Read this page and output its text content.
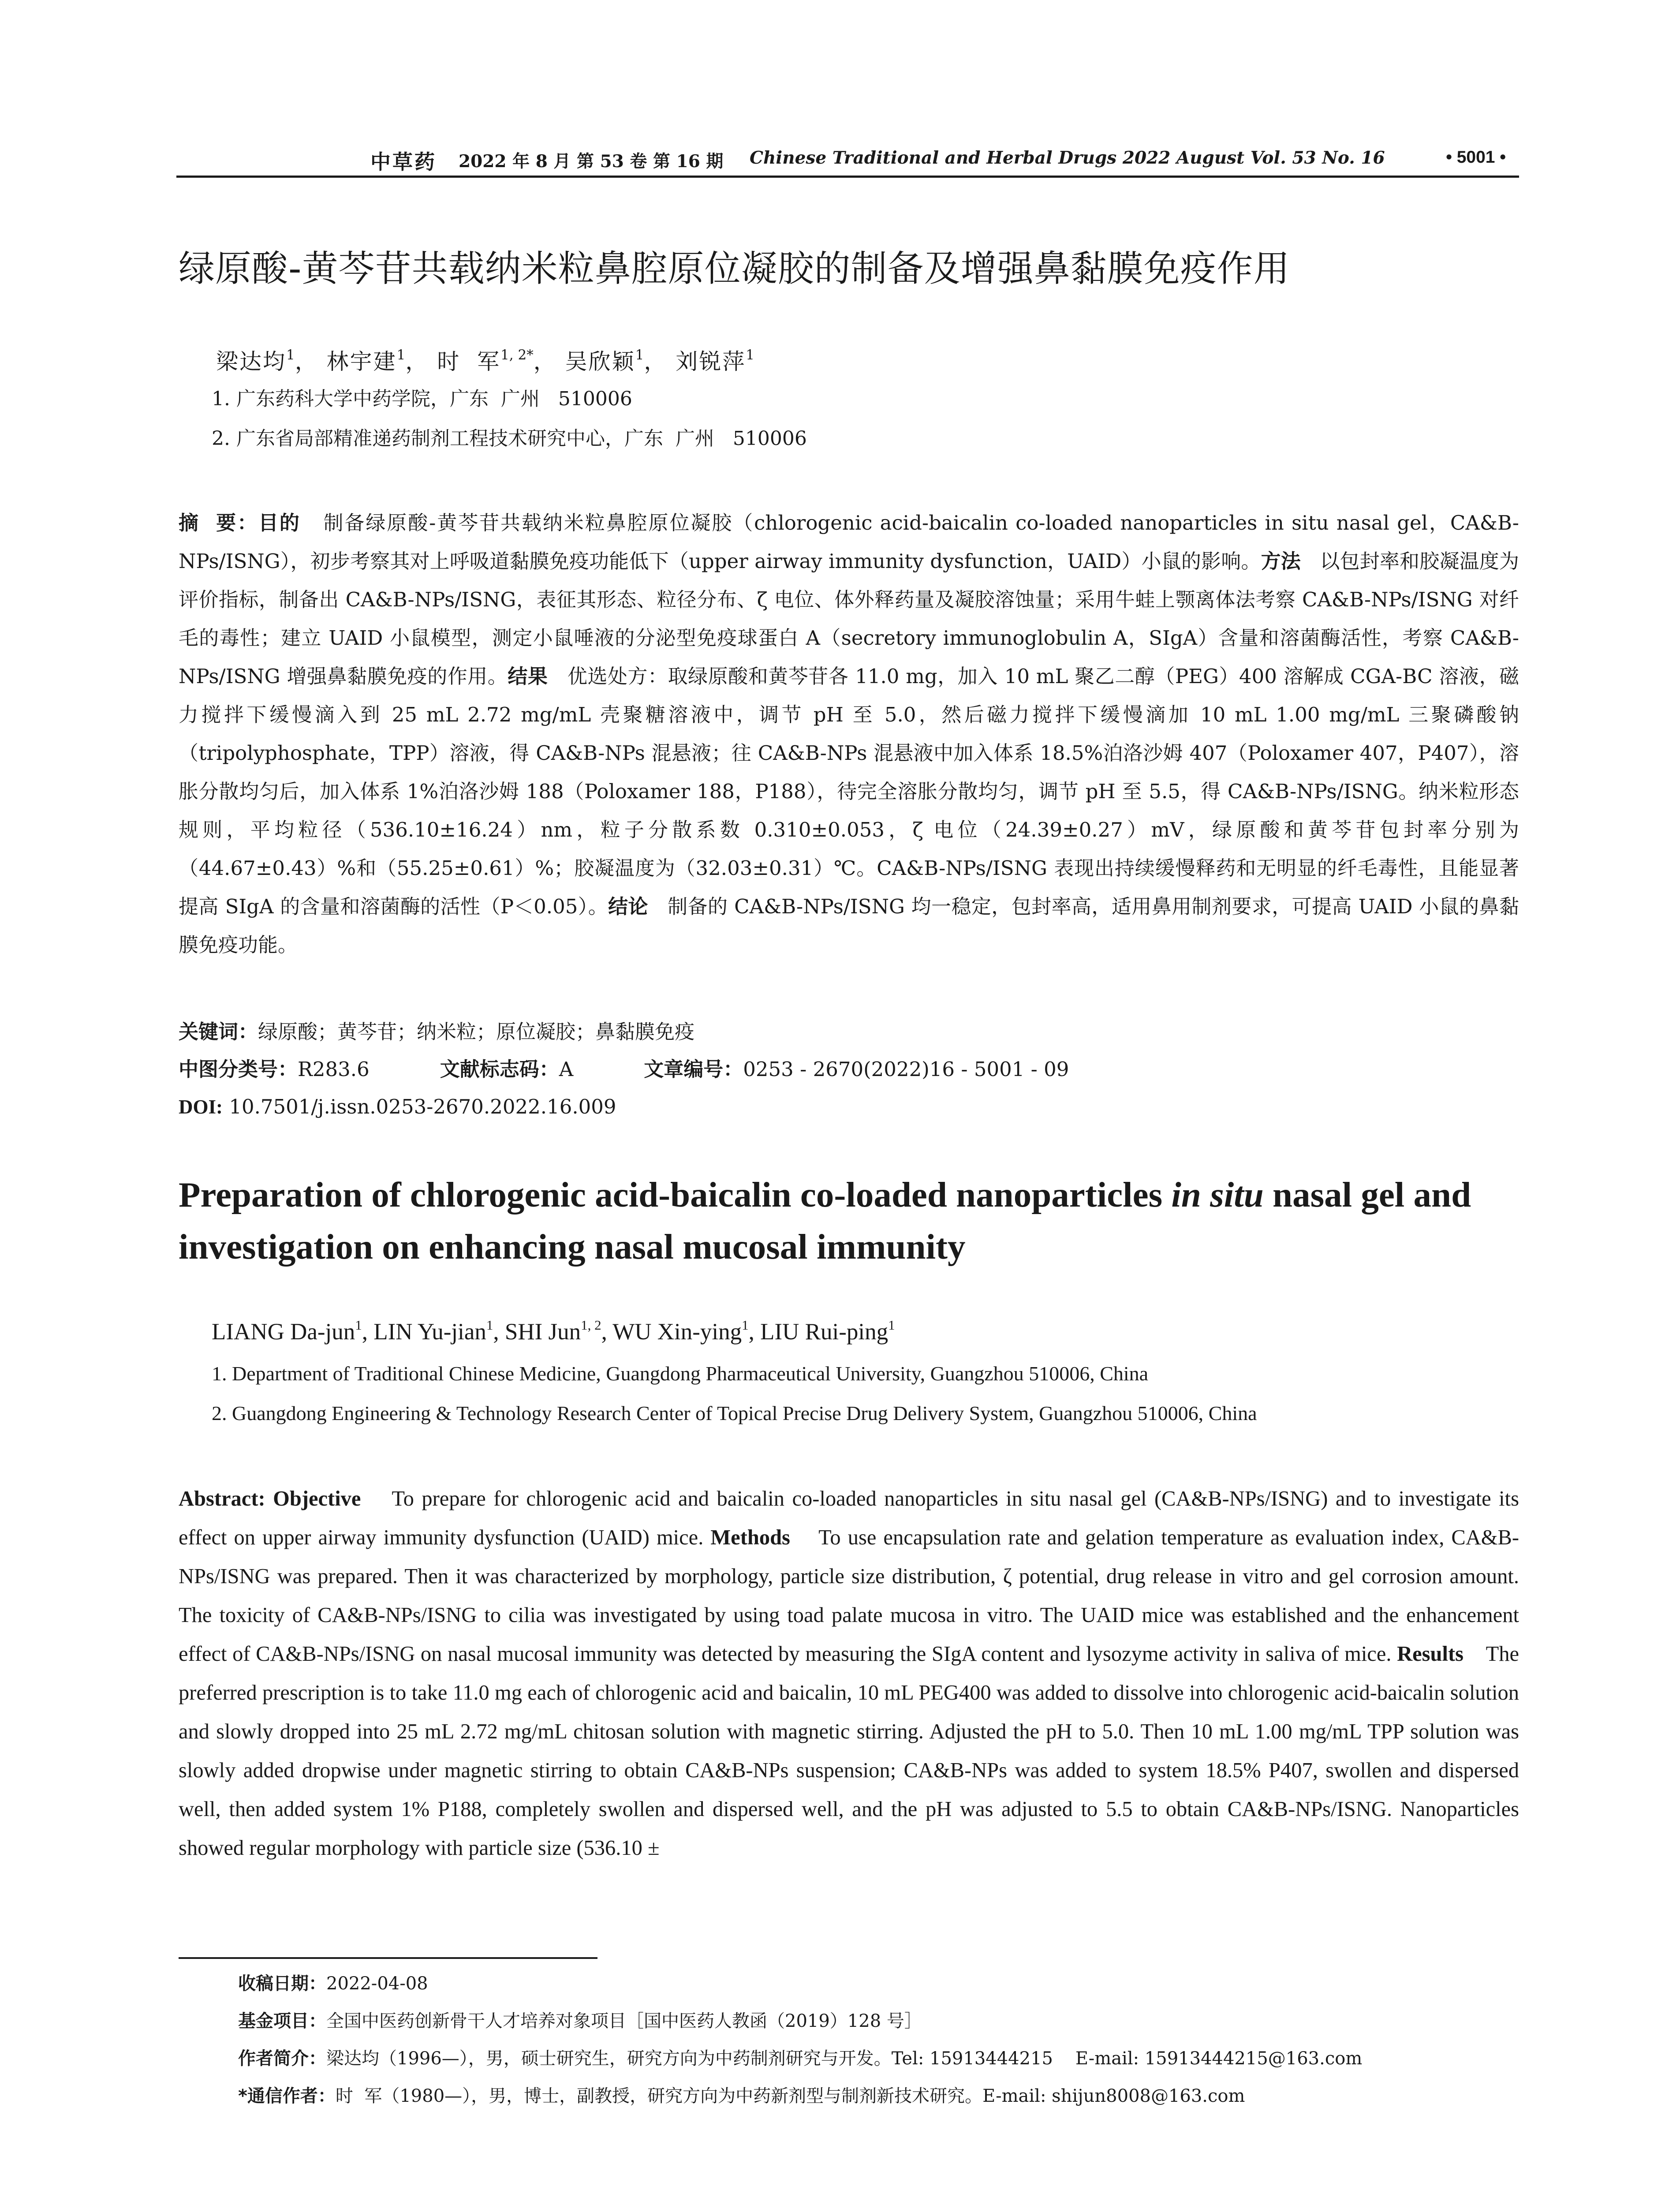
中草药 2022 年 8 月 第 53 卷 第 16 期 Chinese Traditional and Herbal Drugs 2022 August Vol. 53 No. 16	• 5001 •
绿原酸-黄芩苷共载纳米粒鼻腔原位凝胶的制备及增强鼻黏膜免疫作用
梁达均$^1$， 林宇建$^1$， 时  军$^{1, 2*}$， 吴欣颖$^1$， 刘锐萍$^1$
1. 广东药科大学中药学院，广东  广州   510006
2. 广东省局部精准递药制剂工程技术研究中心，广东  广州   510006
摘  要：目的 制备绿原酸-黄芩苷共载纳米粒鼻腔原位凝胶（chlorogenic acid-baicalin co-loaded nanoparticles in situ nasal gel，CA&B-NPs/ISNG），初步考察其对上呼吸道黏膜免疫功能低下（upper airway immunity dysfunction，UAID）小鼠的影响。方法 以包封率和胶凝温度为评价指标，制备出 CA&B-NPs/ISNG，表征其形态、粒径分布、ζ 电位、体外释药量及凝胶溶蚀量；采用牛蛙上颚离体法考察 CA&B-NPs/ISNG 对纤毛的毒性；建立 UAID 小鼠模型，测定小鼠唾液的分泌型免疫球蛋白 A（secretory immunoglobulin A，SIgA）含量和溶菌酶活性，考察 CA&B-NPs/ISNG 增强鼻黏膜免疫的作用。结果 优选处方：取绿原酸和黄芩苷各 11.0 mg，加入 10 mL 聚乙二醇（PEG）400 溶解成 CGA-BC 溶液，磁力搅拌下缓慢滴入到 25 mL 2.72 mg/mL 壳聚糖溶液中，调节 pH 至 5.0，然后磁力搅拌下缓慢滴加 10 mL 1.00 mg/mL 三聚磷酸钠（tripolyphosphate，TPP）溶液，得 CA&B-NPs 混悬液；往 CA&B-NPs 混悬液中加入体系 18.5%泊洛沙姆 407（Poloxamer 407，P407），溶胀分散均匀后，加入体系 1%泊洛沙姆 188（Poloxamer 188，P188），待完全溶胀分散均匀，调节 pH 至 5.5，得 CA&B-NPs/ISNG。纳米粒形态规则，平均粒径（536.10±16.24）nm，粒子分散系数 0.310±0.053，ζ 电位（24.39±0.27）mV，绿原酸和黄芩苷包封率分别为（44.67±0.43）%和（55.25±0.61）%；胶凝温度为（32.03±0.31）℃。CA&B-NPs/ISNG 表现出持续缓慢释药和无明显的纤毛毒性，且能显著提高 SIgA 的含量和溶菌酶的活性（P＜0.05）。结论 制备的 CA&B-NPs/ISNG 均一稳定，包封率高，适用鼻用制剂要求，可提高 UAID 小鼠的鼻黏膜免疫功能。
关键词：绿原酸；黄芩苷；纳米粒；原位凝胶；鼻黏膜免疫
中图分类号：R283.6	文献标志码：A	文章编号：0253 - 2670(2022)16 - 5001 - 09
DOI: 10.7501/j.issn.0253-2670.2022.16.009
Preparation of chlorogenic acid-baicalin co-loaded nanoparticles in situ nasal gel and investigation on enhancing nasal mucosal immunity
LIANG Da-jun$^1$, LIN Yu-jian$^1$, SHI Jun$^{1, 2}$, WU Xin-ying$^1$, LIU Rui-ping$^1$
1. Department of Traditional Chinese Medicine, Guangdong Pharmaceutical University, Guangzhou 510006, China
2. Guangdong Engineering & Technology Research Center of Topical Precise Drug Delivery System, Guangzhou 510006, China
Abstract: Objective To prepare for chlorogenic acid and baicalin co-loaded nanoparticles in situ nasal gel (CA&B-NPs/ISNG) and to investigate its effect on upper airway immunity dysfunction (UAID) mice. Methods To use encapsulation rate and gelation temperature as evaluation index, CA&B-NPs/ISNG was prepared. Then it was characterized by morphology, particle size distribution, ζ potential, drug release in vitro and gel corrosion amount. The toxicity of CA&B-NPs/ISNG to cilia was investigated by using toad palate mucosa in vitro. The UAID mice was established and the enhancement effect of CA&B-NPs/ISNG on nasal mucosal immunity was detected by measuring the SIgA content and lysozyme activity in saliva of mice. Results The preferred prescription is to take 11.0 mg each of chlorogenic acid and baicalin, 10 mL PEG400 was added to dissolve into chlorogenic acid-baicalin solution and slowly dropped into 25 mL 2.72 mg/mL chitosan solution with magnetic stirring. Adjusted the pH to 5.0. Then 10 mL 1.00 mg/mL TPP solution was slowly added dropwise under magnetic stirring to obtain CA&B-NPs suspension; CA&B-NPs was added to system 18.5% P407, swollen and dispersed well, then added system 1% P188, completely swollen and dispersed well, and the pH was adjusted to 5.5 to obtain CA&B-NPs/ISNG. Nanoparticles showed regular morphology with particle size (536.10 ±
收稿日期：2022-04-08
基金项目：全国中医药创新骨干人才培养对象项目［国中医药人教函（2019）128 号］
作者简介：梁达均（1996—），男，硕士研究生，研究方向为中药制剂研究与开发。Tel: 15913444215    E-mail: 15913444215@163.com
*通信作者：时  军（1980—），男，博士，副教授，研究方向为中药新剂型与制剂新技术研究。E-mail: shijun8008@163.com
